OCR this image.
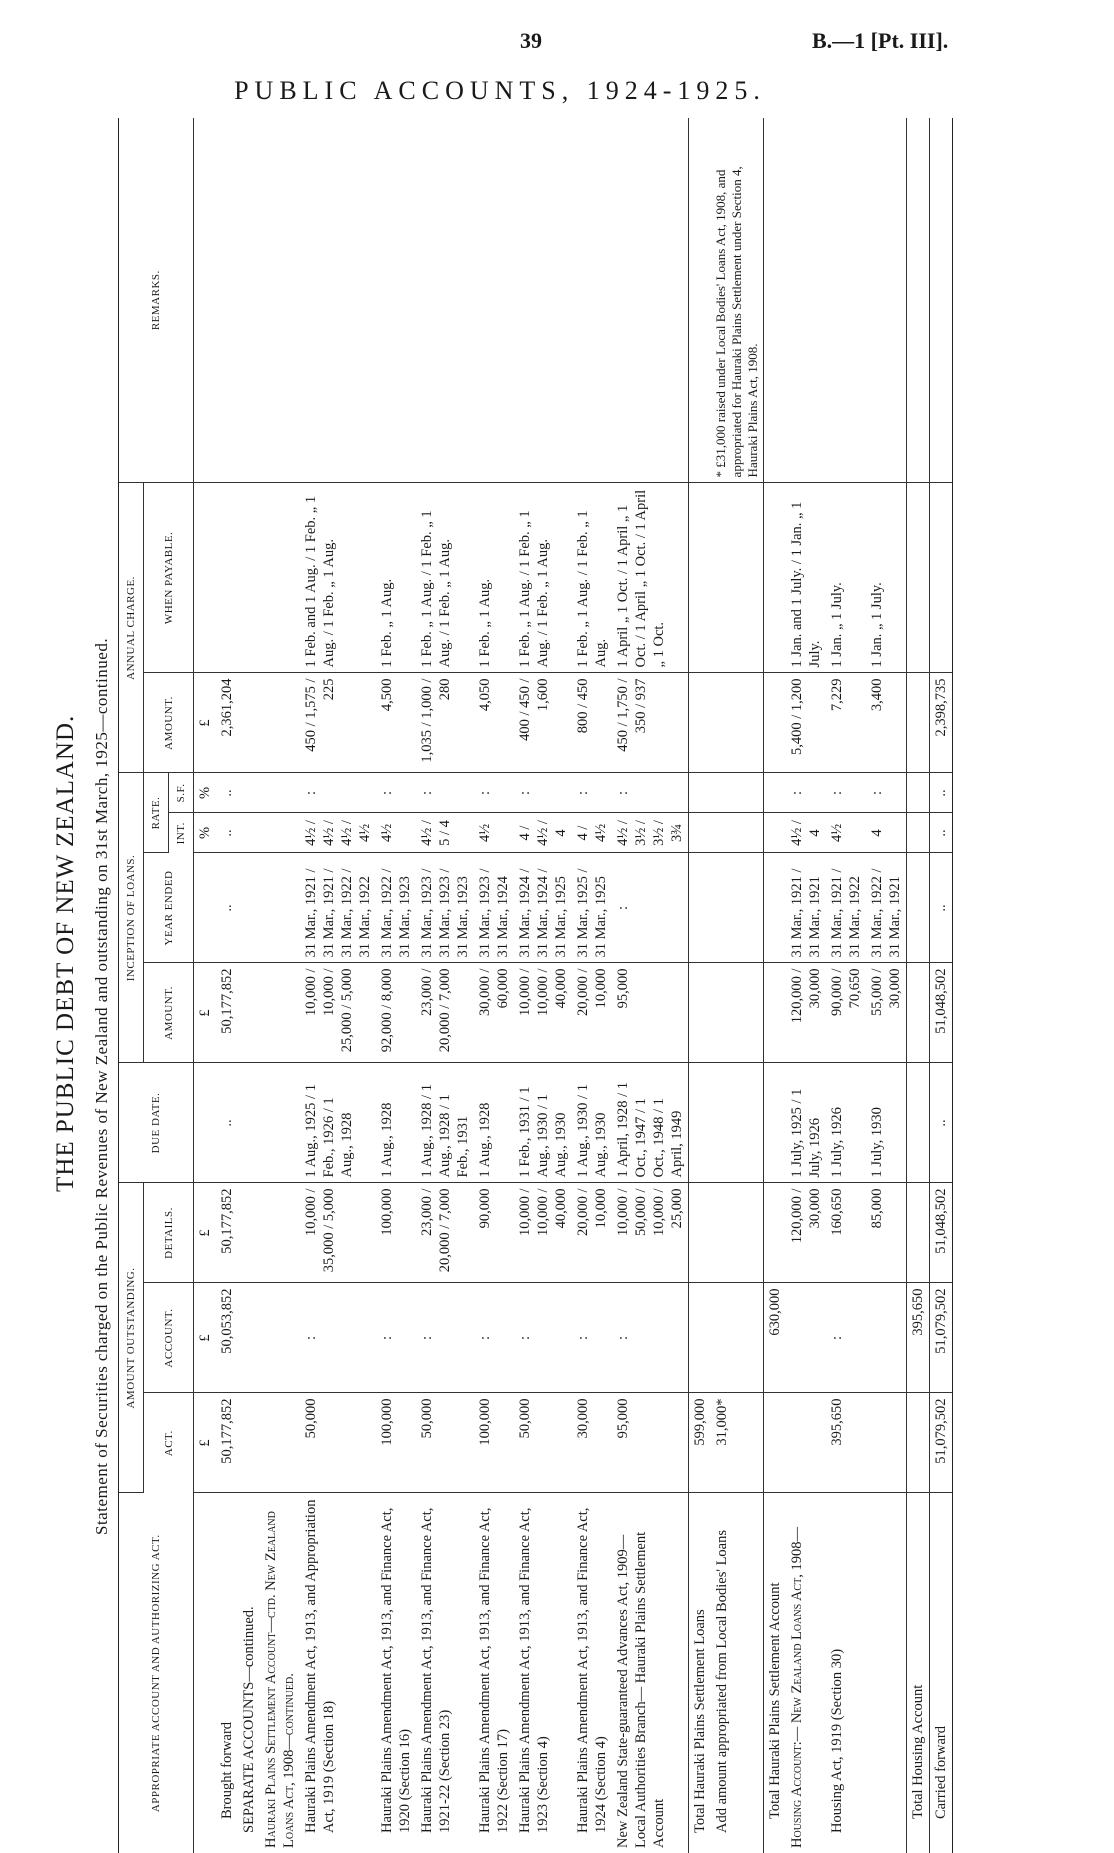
39	B.—1 [Pt. III].
PUBLIC ACCOUNTS, 1924-1925.
THE PUBLIC DEBT OF NEW ZEALAND. Statement of Securities charged on the Public Revenues of New Zealand and outstanding on 31st March, 1925—continued.
APPROPRIATE ACCOUNT AND AUTHORIZING ACT.	AMOUNT OUTSTANDING.			DUE DATE.	INCEPTION OF LOANS.				ANNUAL CHARGE.		REMARKS.
	ACT.	ACCOUNT.	DETAILS.		AMOUNT.	YEAR ENDED	RATE.		AMOUNT.	WHEN PAYABLE.	
							INT.	S.F.			
	£	£	£		£		%	%	£		
Brought forward	50,177,852	50,053,852	50,177,852	..	50,177,852	..	..	..	2,361,204		
SEPARATE ACCOUNTS—continued.											
Hauraki Plains Settlement Account—ctd. New Zealand Loans Act, 1908—continued.											
Hauraki Plains Amendment Act, 1913, and Appropriation Act, 1919 (Section 18)	50,000	:	10,000 / 35,000 / 5,000	1 Aug., 1925 / 1 Feb., 1926 / 1 Aug., 1928	10,000 / 10,000 / 25,000 / 5,000	31 Mar., 1921 / 31 Mar., 1921 / 31 Mar., 1922 / 31 Mar., 1922	4½ / 4½ / 4½ / 4½	:	450 / 1,575 / 225	1 Feb. and 1 Aug. / 1 Feb. „ 1 Aug. / 1 Feb. „ 1 Aug.	
Hauraki Plains Amendment Act, 1913, and Finance Act, 1920 (Section 16)	100,000	:	100,000	1 Aug., 1928	92,000 / 8,000	31 Mar., 1922 / 31 Mar., 1923	4½	:	4,500	1 Feb. „ 1 Aug.	
Hauraki Plains Amendment Act, 1913, and Finance Act, 1921-22 (Section 23)	50,000	:	23,000 / 20,000 / 7,000	1 Aug., 1928 / 1 Aug., 1928 / 1 Feb., 1931	23,000 / 20,000 / 7,000	31 Mar., 1923 / 31 Mar., 1923 / 31 Mar., 1923	4½ / 5 / 4	:	1,035 / 1,000 / 280	1 Feb. „ 1 Aug. / 1 Feb. „ 1 Aug. / 1 Feb. „ 1 Aug.	
Hauraki Plains Amendment Act, 1913, and Finance Act, 1922 (Section 17)	100,000	:	90,000	1 Aug., 1928	30,000 / 60,000	31 Mar., 1923 / 31 Mar., 1924	4½	:	4,050	1 Feb. „ 1 Aug.	
Hauraki Plains Amendment Act, 1913, and Finance Act, 1923 (Section 4)	50,000	:	10,000 / 10,000 / 40,000	1 Feb., 1931 / 1 Aug., 1930 / 1 Aug., 1930	10,000 / 10,000 / 40,000	31 Mar., 1924 / 31 Mar., 1924 / 31 Mar., 1925	4 / 4½ / 4	:	400 / 450 / 1,600	1 Feb. „ 1 Aug. / 1 Feb. „ 1 Aug. / 1 Feb. „ 1 Aug.	
Hauraki Plains Amendment Act, 1913, and Finance Act, 1924 (Section 4)	30,000	:	20,000 / 10,000	1 Aug., 1930 / 1 Aug., 1930	20,000 / 10,000	31 Mar., 1925 / 31 Mar., 1925	4 / 4½	:	800 / 450	1 Feb. „ 1 Aug. / 1 Feb. „ 1 Aug.	
New Zealand State-guaranteed Advances Act, 1909— Local Authorities Branch— Hauraki Plains Settlement Account	95,000	:	10,000 / 50,000 / 10,000 / 25,000	1 April, 1928 / 1 Oct., 1947 / 1 Oct., 1948 / 1 April, 1949	95,000	:	4½ / 3½ / 3½ / 3¾	:	450 / 1,750 / 350 / 937	1 April „ 1 Oct. / 1 April „ 1 Oct. / 1 April „ 1 Oct. / 1 April „ 1 Oct.	
Total Hauraki Plains Settlement Loans	599,000										
Add amount appropriated from Local Bodies' Loans	31,000*										* £31,000 raised under Local Bodies' Loans Act, 1908, and appropriated for Hauraki Plains Settlement under Section 4, Hauraki Plains Act, 1908.
Total Hauraki Plains Settlement Account		630,000									
Housing Account:— New Zealand Loans Act, 1908—			120,000 / 30,000	1 July, 1925 / 1 July, 1926	120,000 / 30,000	31 Mar., 1921 / 31 Mar., 1921	4½ / 4	:	5,400 / 1,200	1 Jan. and 1 July. / 1 Jan. „ 1 July.	
Housing Act, 1919 (Section 30)	395,650	:	160,650	1 July, 1926	90,000 / 70,650	31 Mar., 1921 / 31 Mar., 1922	4½	:	7,229	1 Jan. „ 1 July.	
			85,000	1 July, 1930	55,000 / 30,000	31 Mar., 1922 / 31 Mar., 1921	4	:	3,400	1 Jan. „ 1 July.	
Total Housing Account		395,650									
Carried forward	51,079,502	51,079,502	51,048,502	..	51,048,502	..	..	..	2,398,735		
